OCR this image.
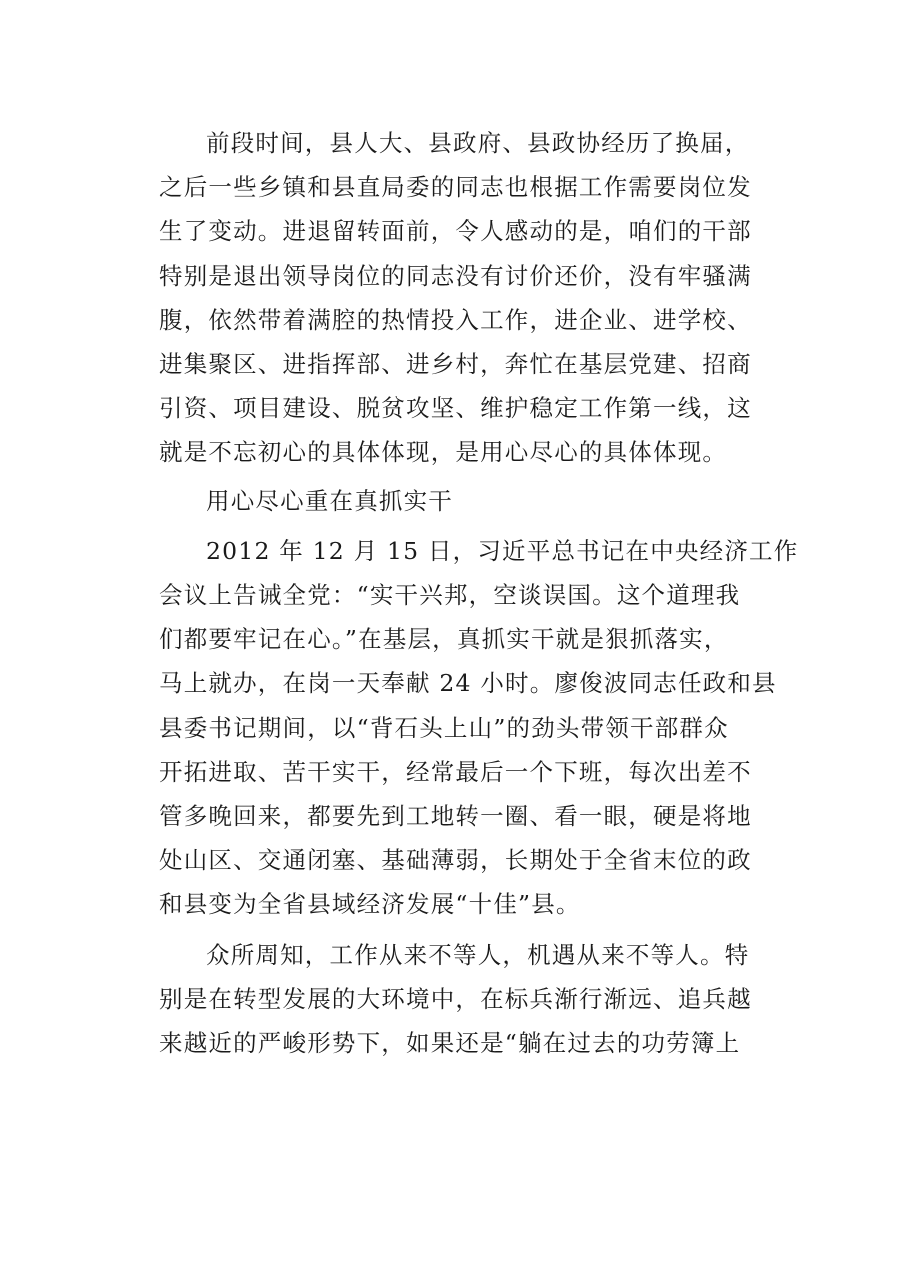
前段时间，县人大、县政府、县政协经历了换届，
之后一些乡镇和县直局委的同志也根据工作需要岗位发
生了变动。进退留转面前，令人感动的是，咱们的干部
特别是退出领导岗位的同志没有讨价还价，没有牢骚满
腹，依然带着满腔的热情投入工作，进企业、进学校、
进集聚区、进指挥部、进乡村，奔忙在基层党建、招商
引资、项目建设、脱贫攻坚、维护稳定工作第一线，这
就是不忘初心的具体体现，是用心尽心的具体体现。
用心尽心重在真抓实干
2012 年 12 月 15 日，习近平总书记在中央经济工作
会议上告诫全党：“实干兴邦，空谈误国。这个道理我
们都要牢记在心。”在基层，真抓实干就是狠抓落实，
马上就办，在岗一天奉献 24 小时。廖俊波同志任政和县
县委书记期间，以“背石头上山”的劲头带领干部群众
开拓进取、苦干实干，经常最后一个下班，每次出差不
管多晚回来，都要先到工地转一圈、看一眼，硬是将地
处山区、交通闭塞、基础薄弱，长期处于全省末位的政
和县变为全省县域经济发展“十佳”县。
众所周知，工作从来不等人，机遇从来不等人。特
别是在转型发展的大环境中，在标兵渐行渐远、追兵越
来越近的严峻形势下，如果还是“躺在过去的功劳簿上
